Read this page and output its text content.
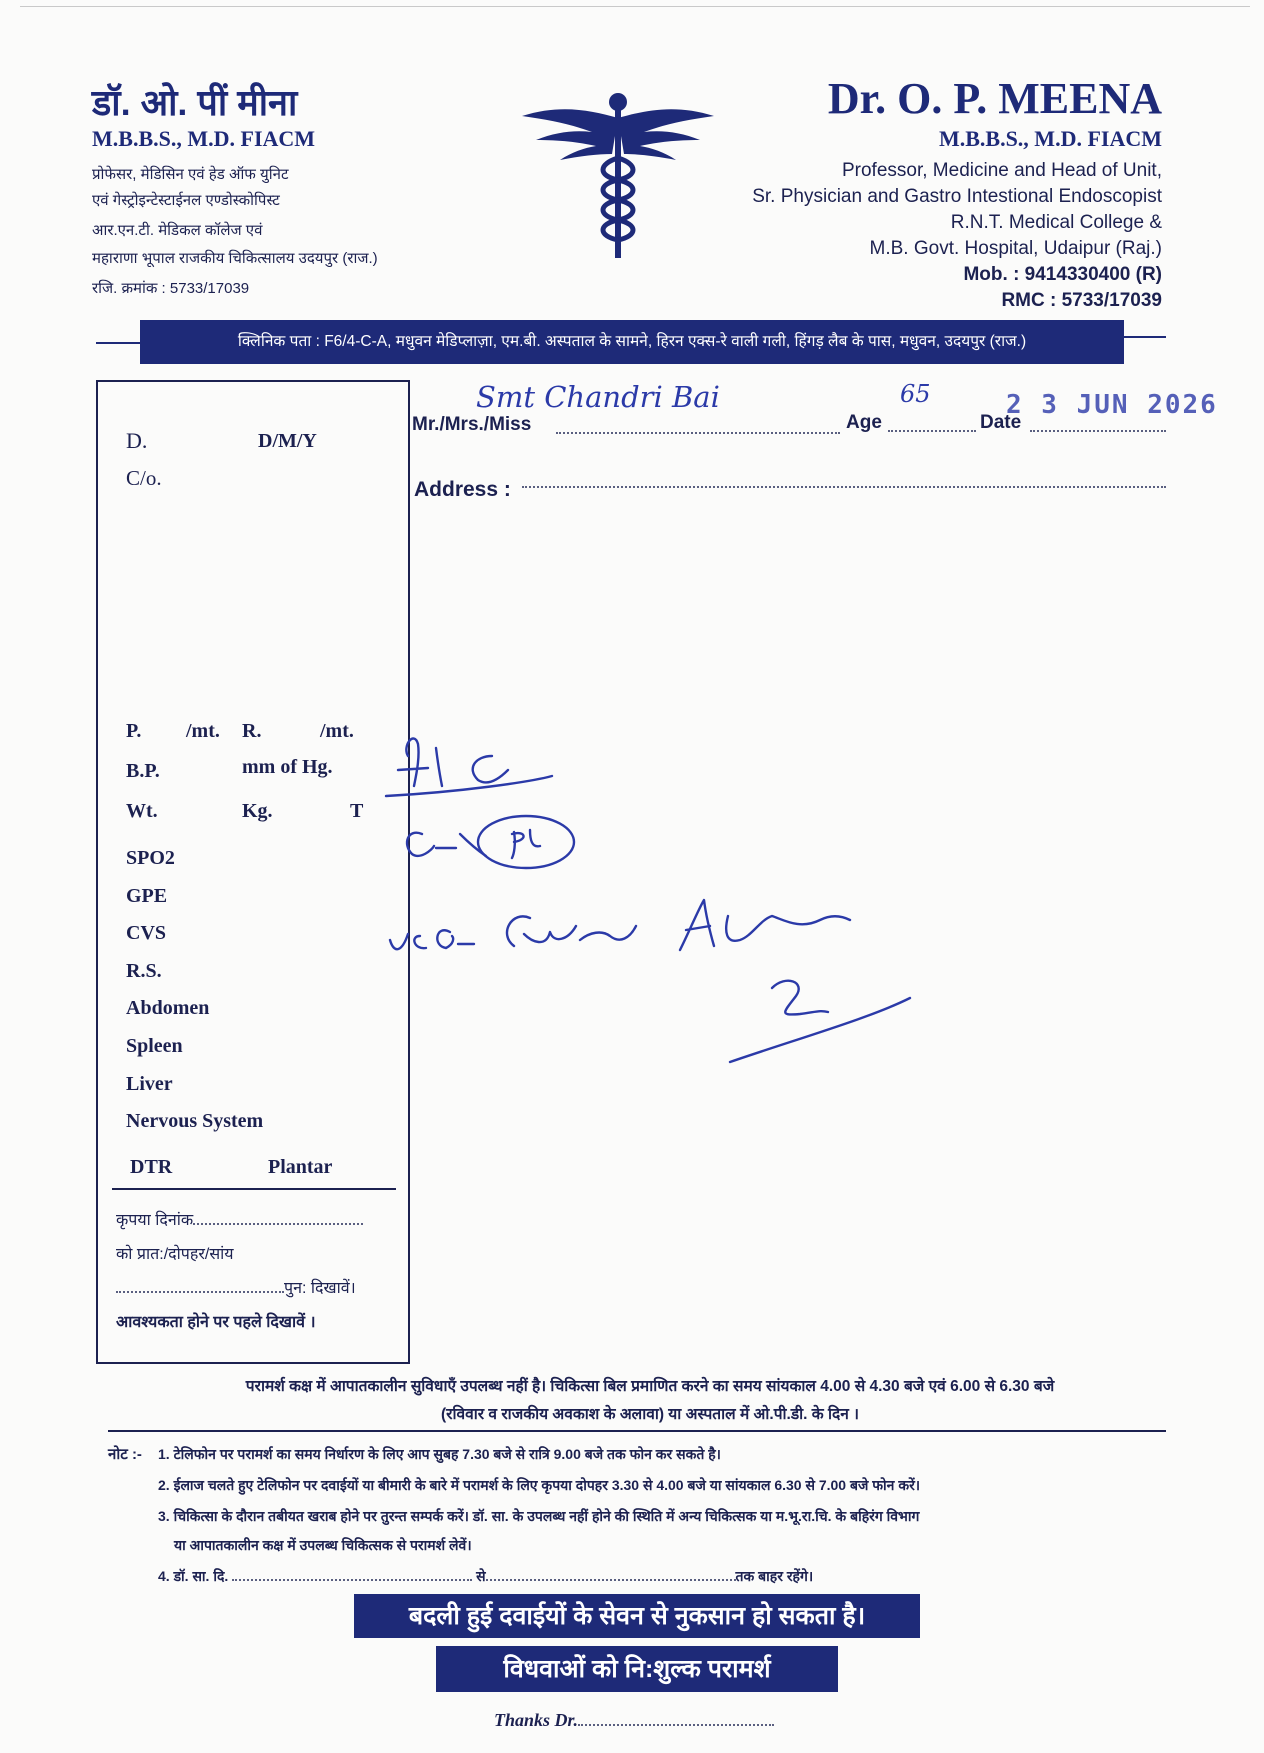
डॉ. ओ. पीं मीना
M.B.B.S., M.D. FIACM
प्रोफेसर, मेडिसिन एवं हेड ऑफ युनिट
एवं गेस्ट्रोइन्टेस्टाईनल एण्डोस्कोपिस्ट
आर.एन.टी. मेडिकल कॉलेज एवं
महाराणा भूपाल राजकीय चिकित्सालय उदयपुर (राज.)
रजि. क्रमांक : 5733/17039
Dr. O. P. MEENA
M.B.B.S., M.D. FIACM
Professor, Medicine and Head of Unit,
Sr. Physician and Gastro Intestional Endoscopist
R.N.T. Medical College &
M.B. Govt. Hospital, Udaipur (Raj.)
Mob. : 9414330400 (R)
RMC : 5733/17039
क्लिनिक पता : F6/4-C-A, मधुवन मेडिप्लाज़ा, एम.बी. अस्पताल के सामने, हिरन एक्स-रे वाली गली, हिंगड़ लैब के पास, मधुवन, उदयपुर (राज.)
D.	D/M/Y
C/o.
P. /mt. R.	/mt.
B.P.	mm of Hg.
Wt.	Kg.	T
SPO2
GPE
CVS
R.S.
Abdomen
Spleen
Liver
Nervous System
DTR	Plantar
कृपया दिनांक
को प्रात:/दोपहर/सांय
पुन: दिखावें।
आवश्यकता होने पर पहले दिखावें ।
Mr./Mrs./Miss	Age	Date
Address :
Smt Chandri Bai	65	2 3 JUN 2026
परामर्श कक्ष में आपातकालीन सुविधाएँ उपलब्ध नहीं है। चिकित्सा बिल प्रमाणित करने का समय सांयकाल 4.00 से 4.30 बजे एवं 6.00 से 6.30 बजे
(रविवार व राजकीय अवकाश के अलावा) या अस्पताल में ओ.पी.डी. के दिन ।
नोट :- 1. टेलिफोन पर परामर्श का समय निर्धारण के लिए आप सुबह 7.30 बजे से रात्रि 9.00 बजे तक फोन कर सकते है।
2. ईलाज चलते हुए टेलिफोन पर दवाईयों या बीमारी के बारे में परामर्श के लिए कृपया दोपहर 3.30 से 4.00 बजे या सांयकाल 6.30 से 7.00 बजे फोन करें।
3. चिकित्सा के दौरान तबीयत खराब होने पर तुरन्त सम्पर्क करें। डॉ. सा. के उपलब्ध नहीं होने की स्थिति में अन्य चिकित्सक या म.भू.रा.चि. के बहिरंग विभाग
या आपातकालीन कक्ष में उपलब्ध चिकित्सक से परामर्श लेवें।
4. डॉ. सा. दि.	से	तक बाहर रहेंगे।
बदली हुई दवाईयों के सेवन से नुकसान हो सकता है।
विधवाओं को नि:शुल्क परामर्श
Thanks Dr.
